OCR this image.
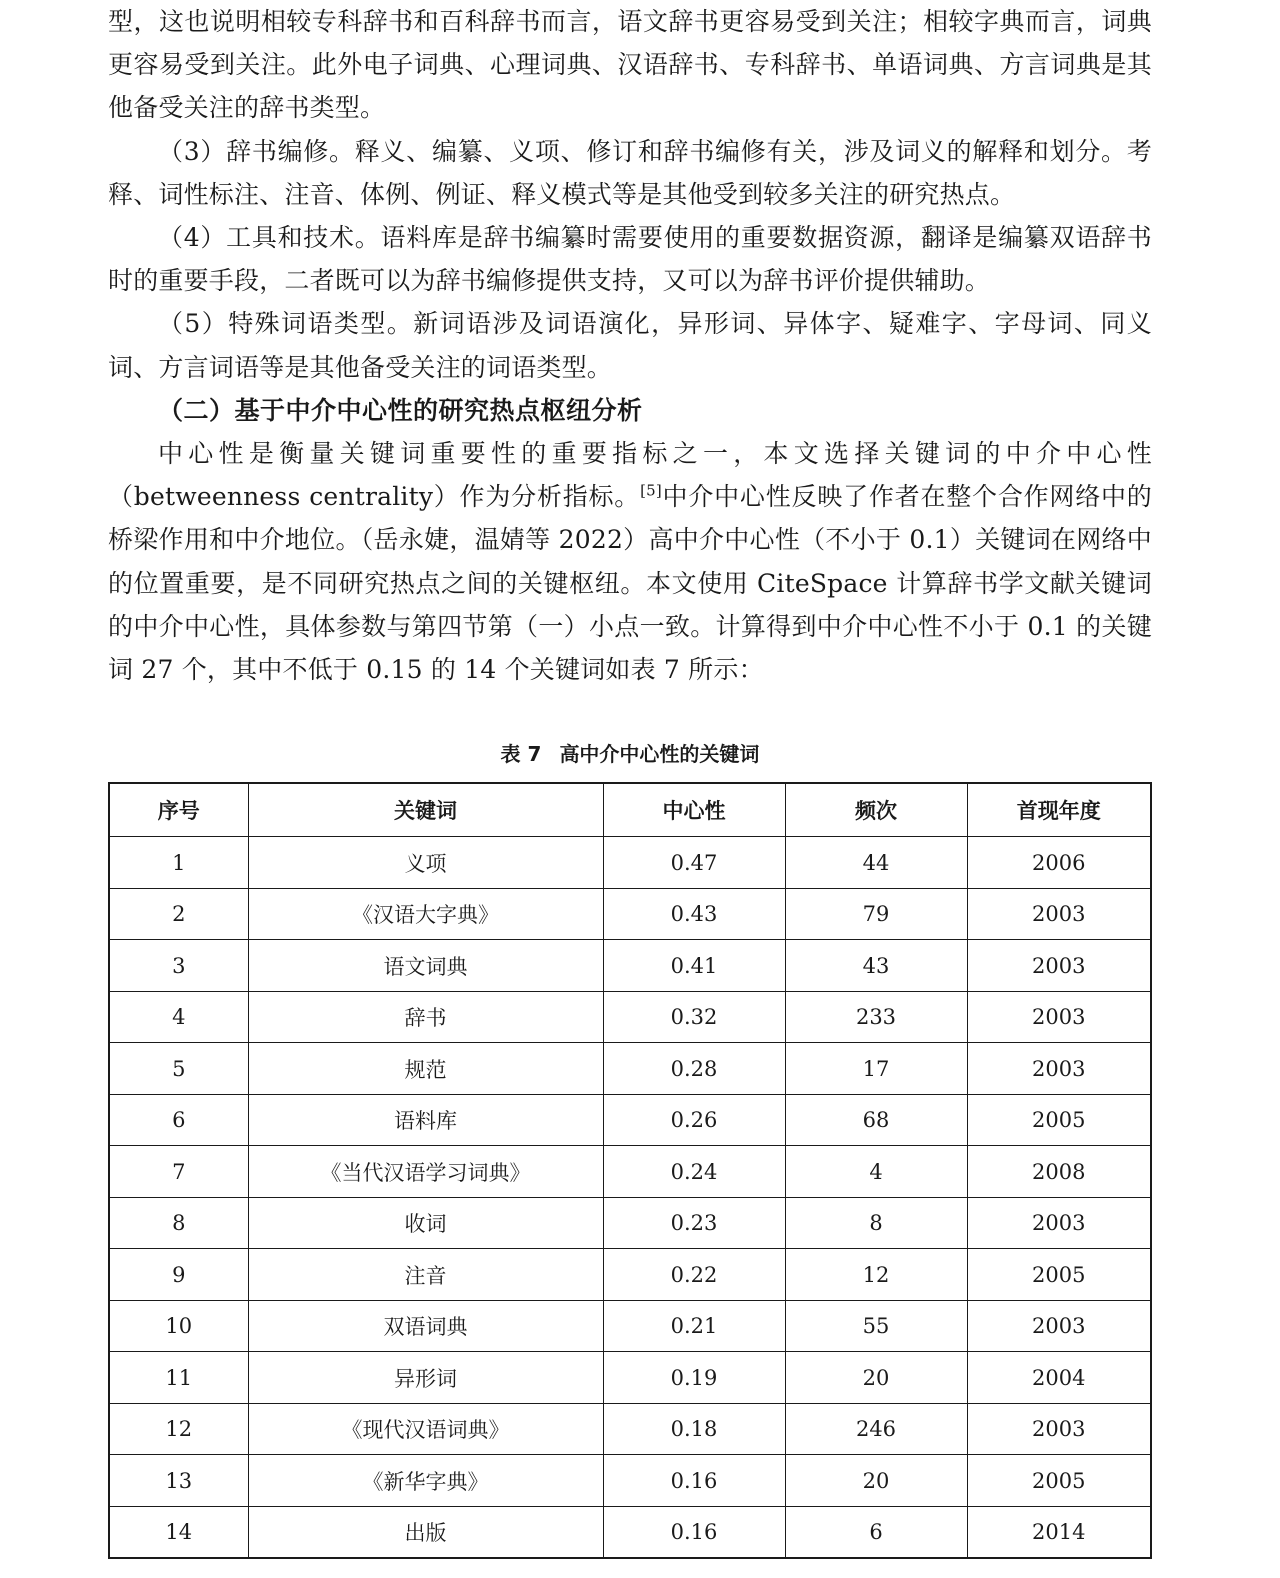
型，这也说明相较专科辞书和百科辞书而言，语文辞书更容易受到关注；相较字典而言，词典更容易受到关注。此外电子词典、心理词典、汉语辞书、专科辞书、单语词典、方言词典是其他备受关注的辞书类型。

（3）辞书编修。释义、编纂、义项、修订和辞书编修有关，涉及词义的解释和划分。考释、词性标注、注音、体例、例证、释义模式等是其他受到较多关注的研究热点。

（4）工具和技术。语料库是辞书编纂时需要使用的重要数据资源，翻译是编纂双语辞书时的重要手段，二者既可以为辞书编修提供支持，又可以为辞书评价提供辅助。

（5）特殊词语类型。新词语涉及词语演化，异形词、异体字、疑难字、字母词、同义词、方言词语等是其他备受关注的词语类型。

（二）基于中介中心性的研究热点枢纽分析

中心性是衡量关键词重要性的重要指标之一，本文选择关键词的中介中心性（betweenness centrality）作为分析指标。[5]中介中心性反映了作者在整个合作网络中的桥梁作用和中介地位。（岳永婕，温婧等 2022）高中介中心性（不小于 0.1）关键词在网络中的位置重要，是不同研究热点之间的关键枢纽。本文使用 CiteSpace 计算辞书学文献关键词的中介中心性，具体参数与第四节第（一）小点一致。计算得到中介中心性不小于 0.1 的关键词 27 个，其中不低于 0.15 的 14 个关键词如表 7 所示：

表 7 高中介中心性的关键词
序号	关键词	中心性	频次	首现年度
1	义项	0.47	44	2006
2	《汉语大字典》	0.43	79	2003
3	语文词典	0.41	43	2003
4	辞书	0.32	233	2003
5	规范	0.28	17	2003
6	语料库	0.26	68	2005
7	《当代汉语学习词典》	0.24	4	2008
8	收词	0.23	8	2003
9	注音	0.22	12	2005
10	双语词典	0.21	55	2003
11	异形词	0.19	20	2004
12	《现代汉语词典》	0.18	246	2003
13	《新华字典》	0.16	20	2005
14	出版	0.16	6	2014
